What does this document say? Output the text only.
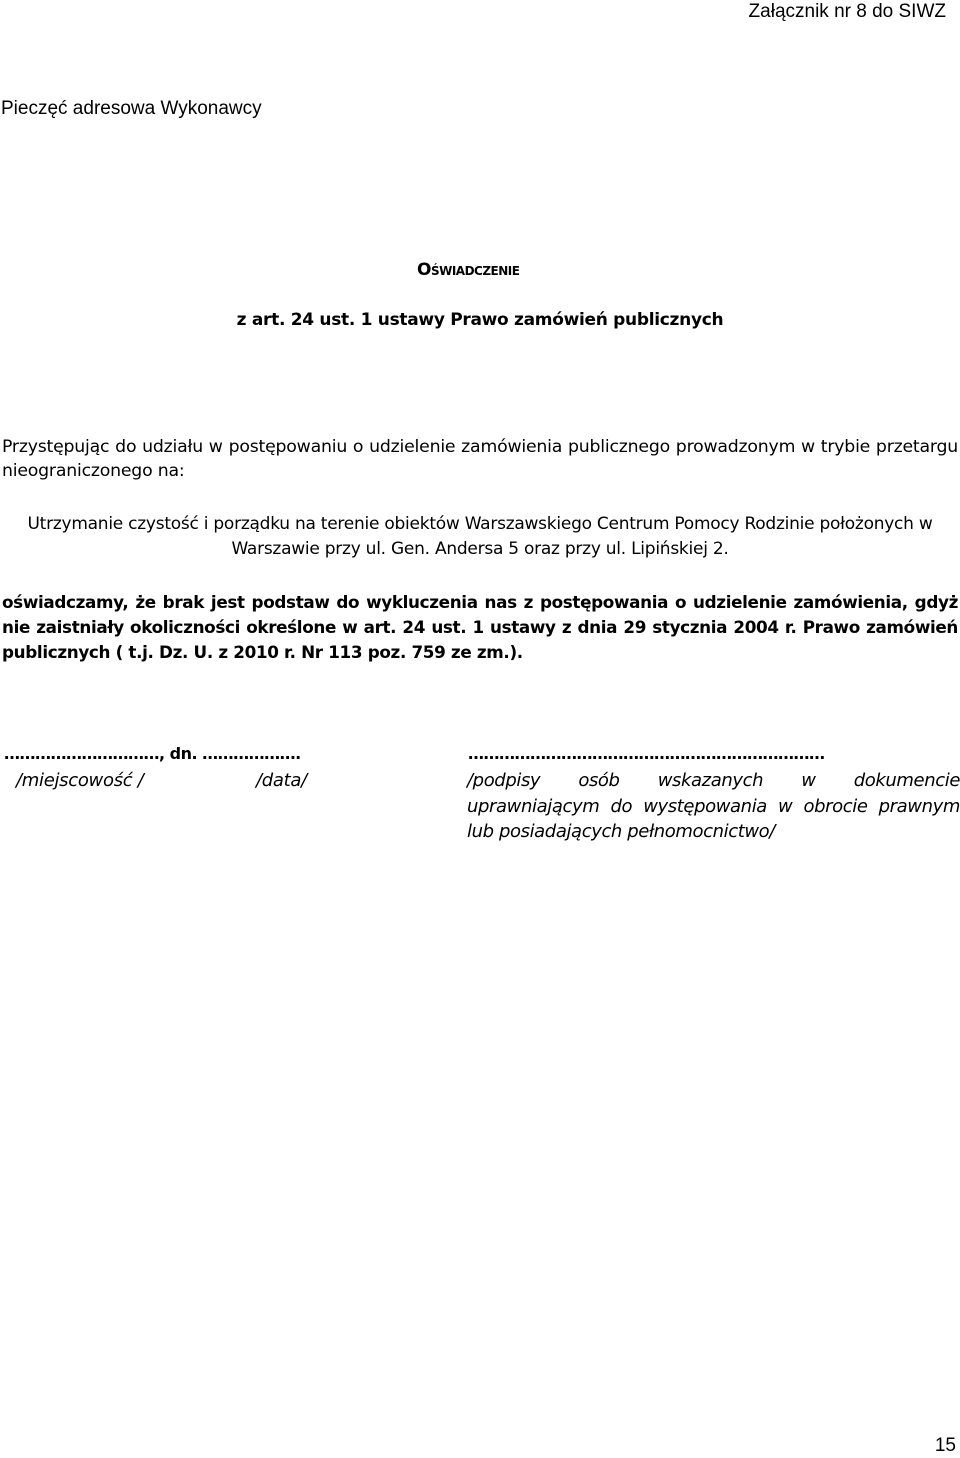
Załącznik nr 8 do SIWZ
Pieczęć adresowa Wykonawcy
Oświadczenie
z art. 24 ust. 1 ustawy Prawo zamówień publicznych

Przystępując do udziału w postępowaniu o udzielenie zamówienia publicznego prowadzonym w trybie przetargu nieograniczonego na:

Utrzymanie czystość i porządku na terenie obiektów Warszawskiego Centrum Pomocy Rodzinie położonych w Warszawie przy ul. Gen. Andersa 5 oraz przy ul. Lipińskiej 2.

oświadczamy, że brak jest podstaw do wykluczenia nas z postępowania o udzielenie zamówienia, gdyż nie zaistniały okoliczności określone w art. 24 ust. 1 ustawy z dnia 29 stycznia 2004 r. Prawo zamówień publicznych ( t.j. Dz. U. z 2010 r. Nr 113 poz. 759 ze zm.).

…………………………, dn. ……………….	……………………………………………………………
/miejscowość /	/data/	/podpisy osób wskazanych w dokumencie uprawniającym do występowania w obrocie prawnym lub posiadających pełnomocnictwo/

15
